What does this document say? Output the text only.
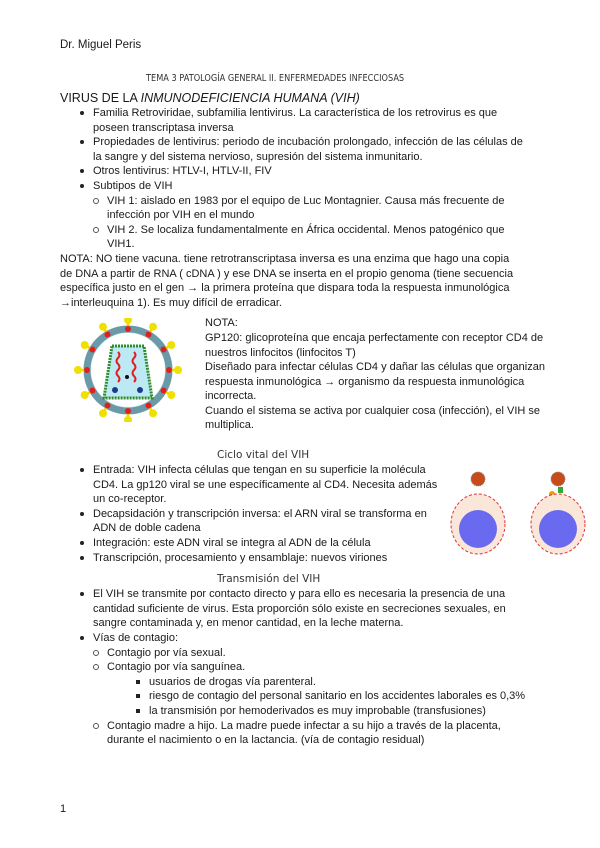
Dr. Miguel Peris
TEMA 3 PATOLOGÍA GENERAL II. ENFERMEDADES INFECCIOSAS
VIRUS DE LA INMUNODEFICIENCIA HUMANA (VIH)
Familia Retroviridae, subfamilia lentivirus. La característica de los retrovirus es que poseen transcriptasa inversa
Propiedades de lentivirus: periodo de incubación prolongado, infección de las células de la sangre y del sistema nervioso, supresión del sistema inmunitario.
Otros lentivirus: HTLV-I, HTLV-II, FIV
Subtipos de VIH
VIH 1: aislado en 1983 por el equipo de Luc Montagnier. Causa más frecuente de infección por VIH en el mundo
VIH 2. Se localiza fundamentalmente en África occidental. Menos patogénico que VIH1.
NOTA: NO tiene vacuna. tiene retrotranscriptasa inversa es una enzima que hago una copia de DNA a partir de RNA ( cDNA ) y ese DNA se inserta en el propio genoma (tiene secuencia específica justo en el gen → la primera proteína que dispara toda la respuesta inmunológica →interleuquina 1). Es muy difícil de erradicar.
NOTA:
GP120: glicoproteína que encaja perfectamente con receptor CD4 de nuestros linfocitos (linfocitos T)
Diseñado para infectar células CD4 y dañar las células que organizan respuesta inmunológica → organismo da respuesta inmunológica incorrecta.
Cuando el sistema se activa por cualquier cosa (infección), el VIH se multiplica.
Ciclo vital del VIH
Entrada: VIH infecta células que tengan en su superficie la molécula CD4. La gp120 viral se une específicamente al CD4. Necesita además un co-receptor.
Decapsidación y transcripción inversa: el ARN viral se transforma en ADN de doble cadena
Integración: este ADN viral se integra al ADN de la célula
Transcripción, procesamiento y ensamblaje: nuevos viriones
Transmisión del VIH
El VIH se transmite por contacto directo y para ello es necesaria la presencia de una cantidad suficiente de virus. Esta proporción sólo existe en secreciones sexuales, en sangre contaminada y, en menor cantidad, en la leche materna.
Vías de contagio:
Contagio por vía sexual.
Contagio por vía sanguínea.
usuarios de drogas vía parenteral.
riesgo de contagio del personal sanitario en los accidentes laborales es 0,3%
la transmisión por hemoderivados es muy improbable (transfusiones)
Contagio madre a hijo. La madre puede infectar a su hijo a través de la placenta, durante el nacimiento o en la lactancia. (vía de contagio residual)
1
